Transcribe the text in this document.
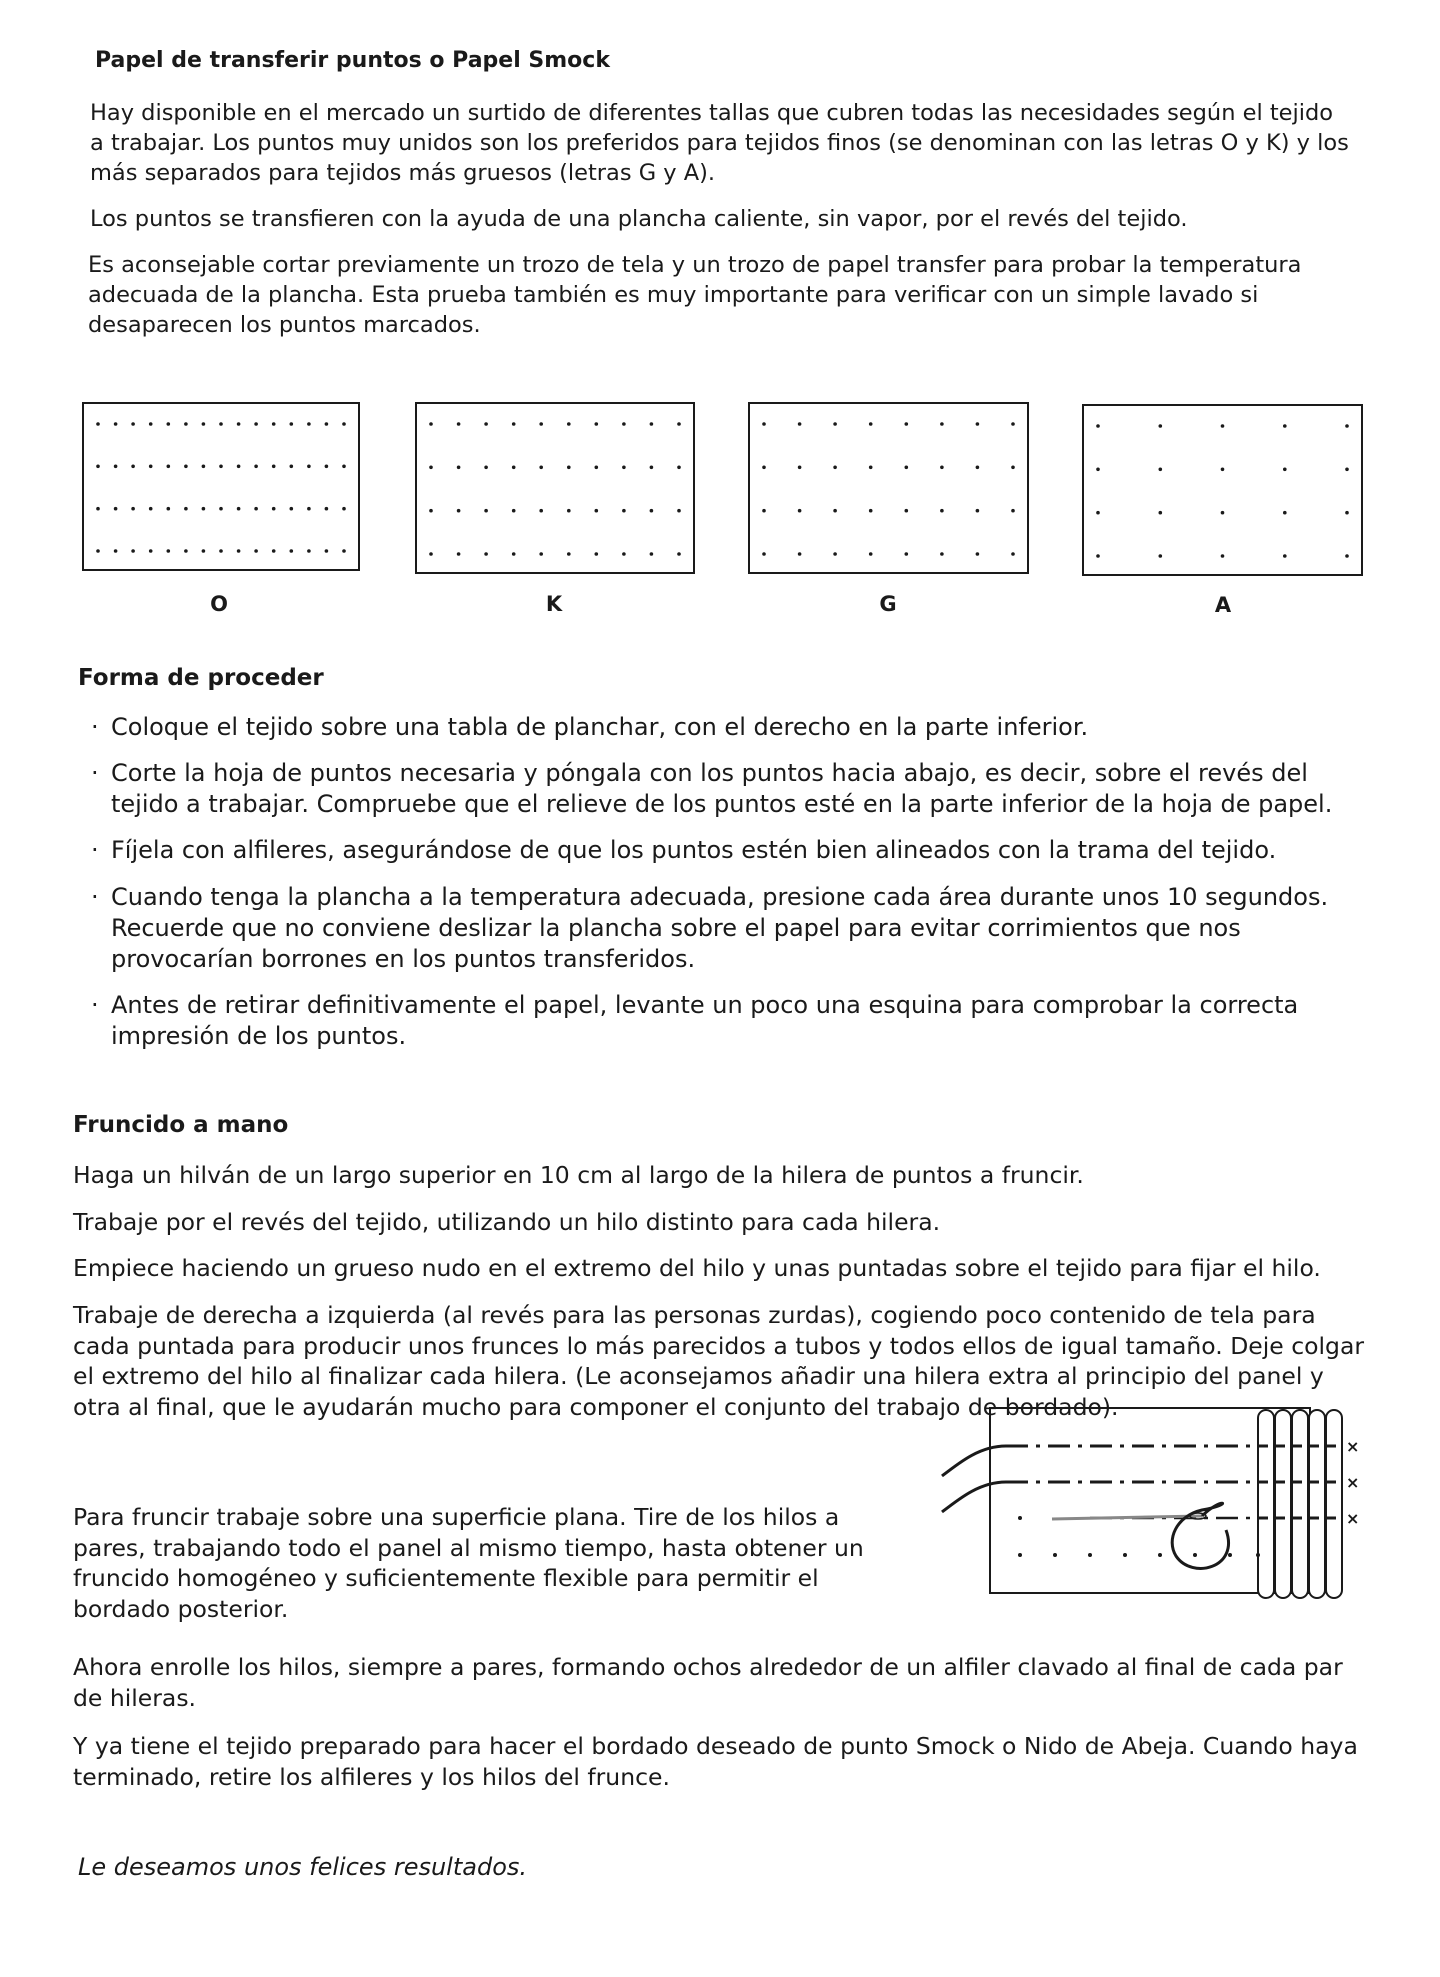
Papel de transferir puntos o Papel Smock

Hay disponible en el mercado un surtido de diferentes tallas que cubren todas las necesidades según el tejido a trabajar. Los puntos muy unidos son los preferidos para tejidos finos (se denominan con las letras O y K) y los más separados para tejidos más gruesos (letras G y A).

Los puntos se transfieren con la ayuda de una plancha caliente, sin vapor, por el revés del tejido.

Es aconsejable cortar previamente un trozo de tela y un trozo de papel transfer para probar la temperatura adecuada de la plancha. Esta prueba también es muy importante para verificar con un simple lavado si desaparecen los puntos marcados.

O	K	G	A
Forma de proceder

· Coloque el tejido sobre una tabla de planchar, con el derecho en la parte inferior.

· Corte la hoja de puntos necesaria y póngala con los puntos hacia abajo, es decir, sobre el revés del tejido a trabajar. Compruebe que el relieve de los puntos esté en la parte inferior de la hoja de papel.

· Fíjela con alfileres, asegurándose de que los puntos estén bien alineados con la trama del tejido.

· Cuando tenga la plancha a la temperatura adecuada, presione cada área durante unos 10 segundos. Recuerde que no conviene deslizar la plancha sobre el papel para evitar corrimientos que nos provocarían borrones en los puntos transferidos.

· Antes de retirar definitivamente el papel, levante un poco una esquina para comprobar la correcta impresión de los puntos.

Fruncido a mano

Haga un hilván de un largo superior en 10 cm al largo de la hilera de puntos a fruncir.

Trabaje por el revés del tejido, utilizando un hilo distinto para cada hilera.

Empiece haciendo un grueso nudo en el extremo del hilo y unas puntadas sobre el tejido para fijar el hilo.

Trabaje de derecha a izquierda (al revés para las personas zurdas), cogiendo poco contenido de tela para cada puntada para producir unos frunces lo más parecidos a tubos y todos ellos de igual tamaño. Deje colgar el extremo del hilo al finalizar cada hilera. (Le aconsejamos añadir una hilera extra al principio del panel y otra al final, que le ayudarán mucho para componer el conjunto del trabajo de bordado).

Para fruncir trabaje sobre una superficie plana. Tire de los hilos a pares, trabajando todo el panel al mismo tiempo, hasta obtener un fruncido homogéneo y suficientemente flexible para permitir el bordado posterior.

Ahora enrolle los hilos, siempre a pares, formando ochos alrededor de un alfiler clavado al final de cada par de hileras.

Y ya tiene el tejido preparado para hacer el bordado deseado de punto Smock o Nido de Abeja. Cuando haya terminado, retire los alfileres y los hilos del frunce.

×
×
×

Le deseamos unos felices resultados.
